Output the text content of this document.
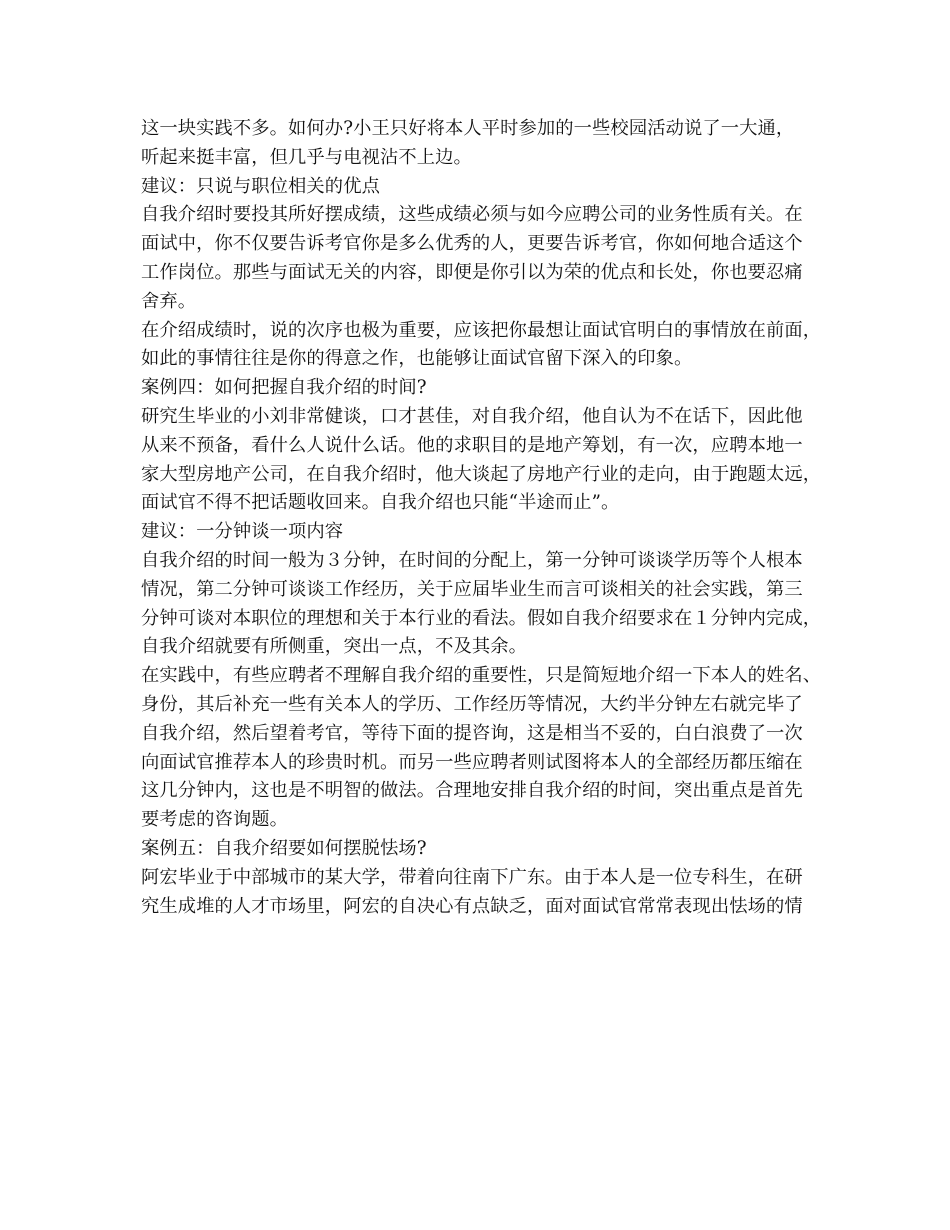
这一块实践不多。如何办?小王只好将本人平时参加的一些校园活动说了一大通，
听起来挺丰富，但几乎与电视沾不上边。
建议：只说与职位相关的优点
自我介绍时要投其所好摆成绩，这些成绩必须与如今应聘公司的业务性质有关。在
面试中，你不仅要告诉考官你是多么优秀的人，更要告诉考官，你如何地合适这个
工作岗位。那些与面试无关的内容，即便是你引以为荣的优点和长处，你也要忍痛
舍弃。
在介绍成绩时，说的次序也极为重要，应该把你最想让面试官明白的事情放在前面，
如此的事情往往是你的得意之作，也能够让面试官留下深入的印象。
案例四：如何把握自我介绍的时间?
研究生毕业的小刘非常健谈，口才甚佳，对自我介绍，他自认为不在话下，因此他
从来不预备，看什么人说什么话。他的求职目的是地产筹划，有一次，应聘本地一
家大型房地产公司，在自我介绍时，他大谈起了房地产行业的走向，由于跑题太远，
面试官不得不把话题收回来。自我介绍也只能“半途而止”。
建议：一分钟谈一项内容
自我介绍的时间一般为３分钟，在时间的分配上，第一分钟可谈谈学历等个人根本
情况，第二分钟可谈谈工作经历，关于应届毕业生而言可谈相关的社会实践，第三
分钟可谈对本职位的理想和关于本行业的看法。假如自我介绍要求在１分钟内完成，
自我介绍就要有所侧重，突出一点，不及其余。
在实践中，有些应聘者不理解自我介绍的重要性，只是简短地介绍一下本人的姓名、
身份，其后补充一些有关本人的学历、工作经历等情况，大约半分钟左右就完毕了
自我介绍，然后望着考官，等待下面的提咨询，这是相当不妥的，白白浪费了一次
向面试官推荐本人的珍贵时机。而另一些应聘者则试图将本人的全部经历都压缩在
这几分钟内，这也是不明智的做法。合理地安排自我介绍的时间，突出重点是首先
要考虑的咨询题。
案例五：自我介绍要如何摆脱怯场?
阿宏毕业于中部城市的某大学，带着向往南下广东。由于本人是一位专科生，在研
究生成堆的人才市场里，阿宏的自决心有点缺乏，面对面试官常常表现出怯场的情
